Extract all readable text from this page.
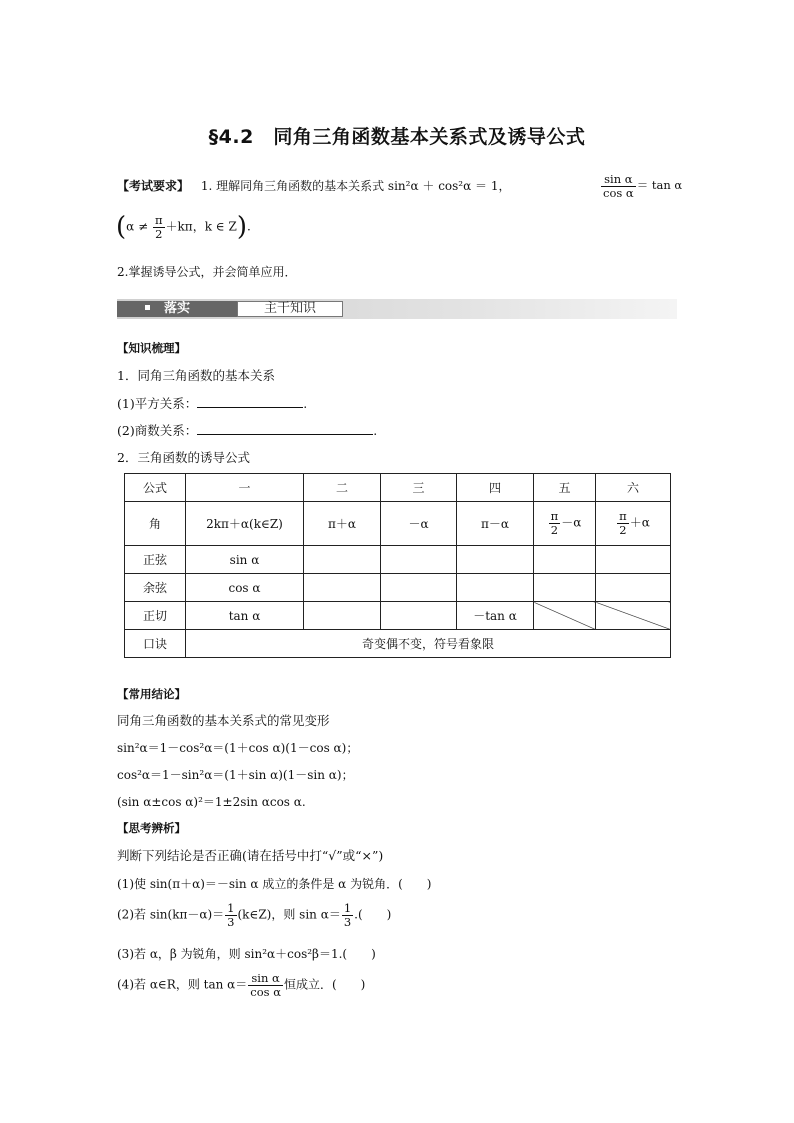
§4.2　同角三角函数基本关系式及诱导公式
【考试要求】 1. 理解同角三角函数的基本关系式 sin²α ＋ cos²α ＝ 1，	$\frac{\text{sin α}}{\text{cos α}} = \tan \alpha$
($\alpha \ne \frac{\pi}{2} +k\pi$，k ∈ Z).
2.掌握诱导公式，并会简单应用．
落实	主干知识
【知识梳理】
1．同角三角函数的基本关系
(1)平方关系：	.
(2)商数关系：	.
2．三角函数的诱导公式
公式	一	二	三	四	五	六
角	2kπ＋α(k∈Z)	π＋α	－α	π－α	$\frac{\pi}{2} -\alpha$	$\frac{\pi}{2} +\alpha$
正弦	sin α					
余弦	cos α					
正切	tan α			－tan α		
口诀	奇变偶不变，符号看象限					
【常用结论】
同角三角函数的基本关系式的常见变形
sin²α＝1－cos²α＝(1＋cos α)(1－cos α)；
cos²α＝1－sin²α＝(1＋sin α)(1－sin α)；
(sin α±cos α)²＝1±2sin αcos α.
【思考辨析】
判断下列结论是否正确(请在括号中打“√”或“×”)
(1)使 sin(π＋α)＝－sin α 成立的条件是 α 为锐角．(　　)
(2)若 $\sin(k\pi-\alpha)= \frac{1}{3}$ (k∈Z)，则 $\sin \alpha= \frac{1}{3}$ .(　　)
(3)若 α，β 为锐角，则 sin²α＋cos²β＝1.(　　)
(4)若 α∈R，则 $\tan \alpha= \frac{\text{sin α}}{\text{cos α}}$ 恒成立．(　　)
